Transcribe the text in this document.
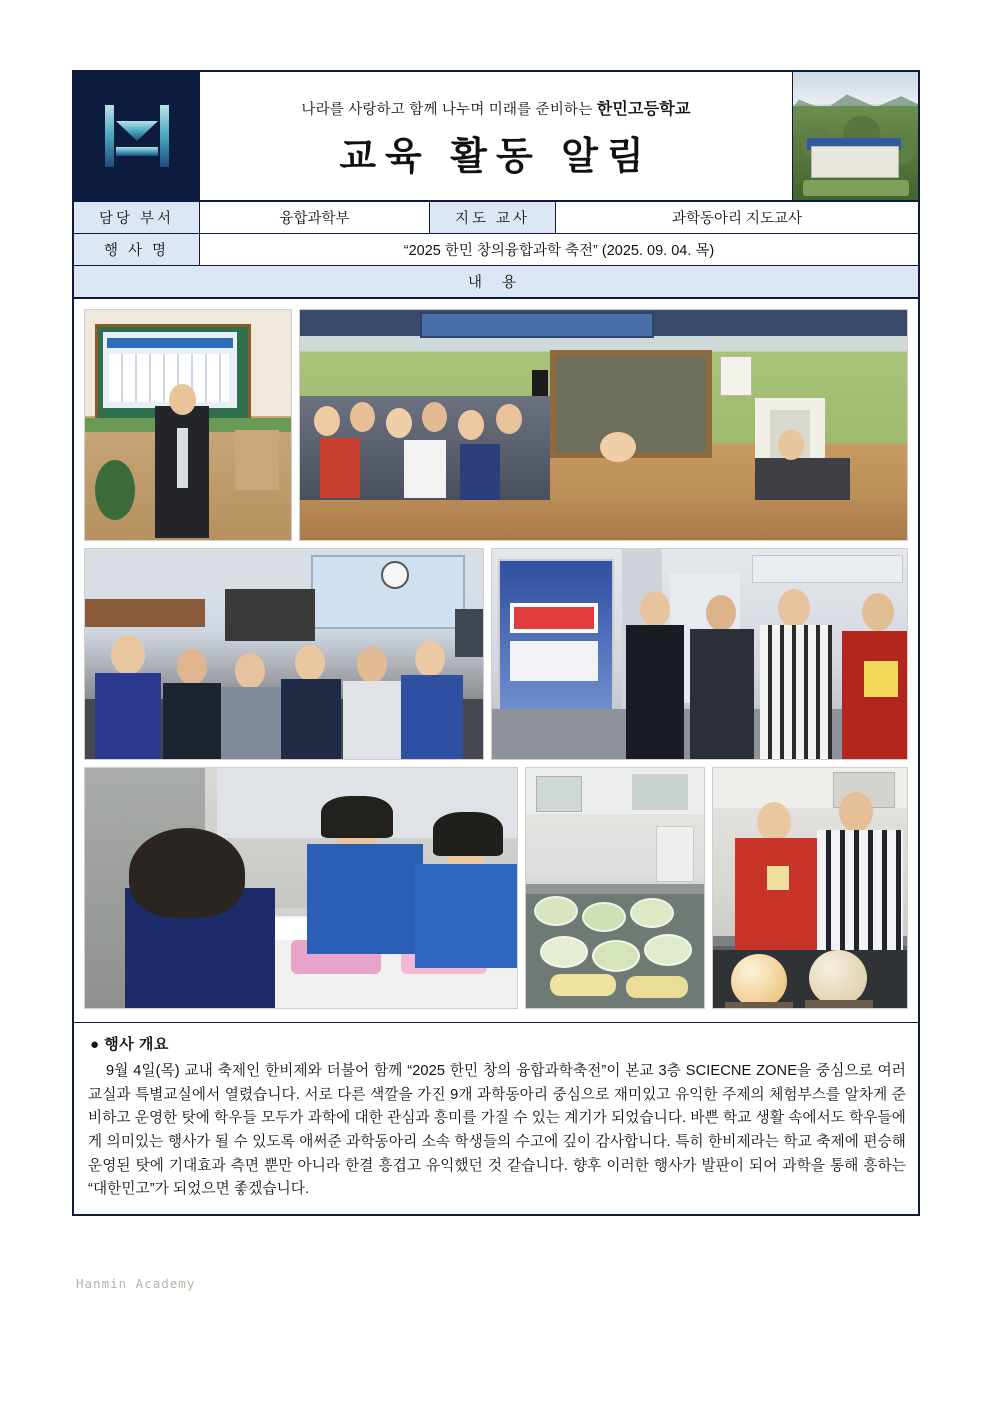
나라를 사랑하고 함께 나누며 미래를 준비하는 한민고등학교
교육 활동 알림
담당 부서	융합과학부	지도 교사	과학동아리 지도교사
행 사 명	“2025 한민 창의융합과학 축전” (2025. 09. 04. 목)
내 용
● 행사 개요
9월 4일(목) 교내 축제인 한비제와 더불어 함께 “2025 한민 창의 융합과학축전”이 본교 3층 SCIECNE ZONE을 중심으로 여러 교실과 특별교실에서 열렸습니다. 서로 다른 색깔을 가진 9개 과학동아리 중심으로 재미있고 유익한 주제의 체험부스를 알차게 준비하고 운영한 탓에 학우들 모두가 과학에 대한 관심과 흥미를 가질 수 있는 계기가 되었습니다. 바쁜 학교 생활 속에서도 학우들에게 의미있는 행사가 될 수 있도록 애써준 과학동아리 소속 학생들의 수고에 깊이 감사합니다. 특히 한비제라는 학교 축제에 편승해 운영된 탓에 기대효과 측면 뿐만 아니라 한결 흥겹고 유익했던 것 같습니다. 향후 이러한 행사가 발판이 되어 과학을 통해 흥하는 “대한민고”가 되었으면 좋겠습니다.
Hanmin Academy
